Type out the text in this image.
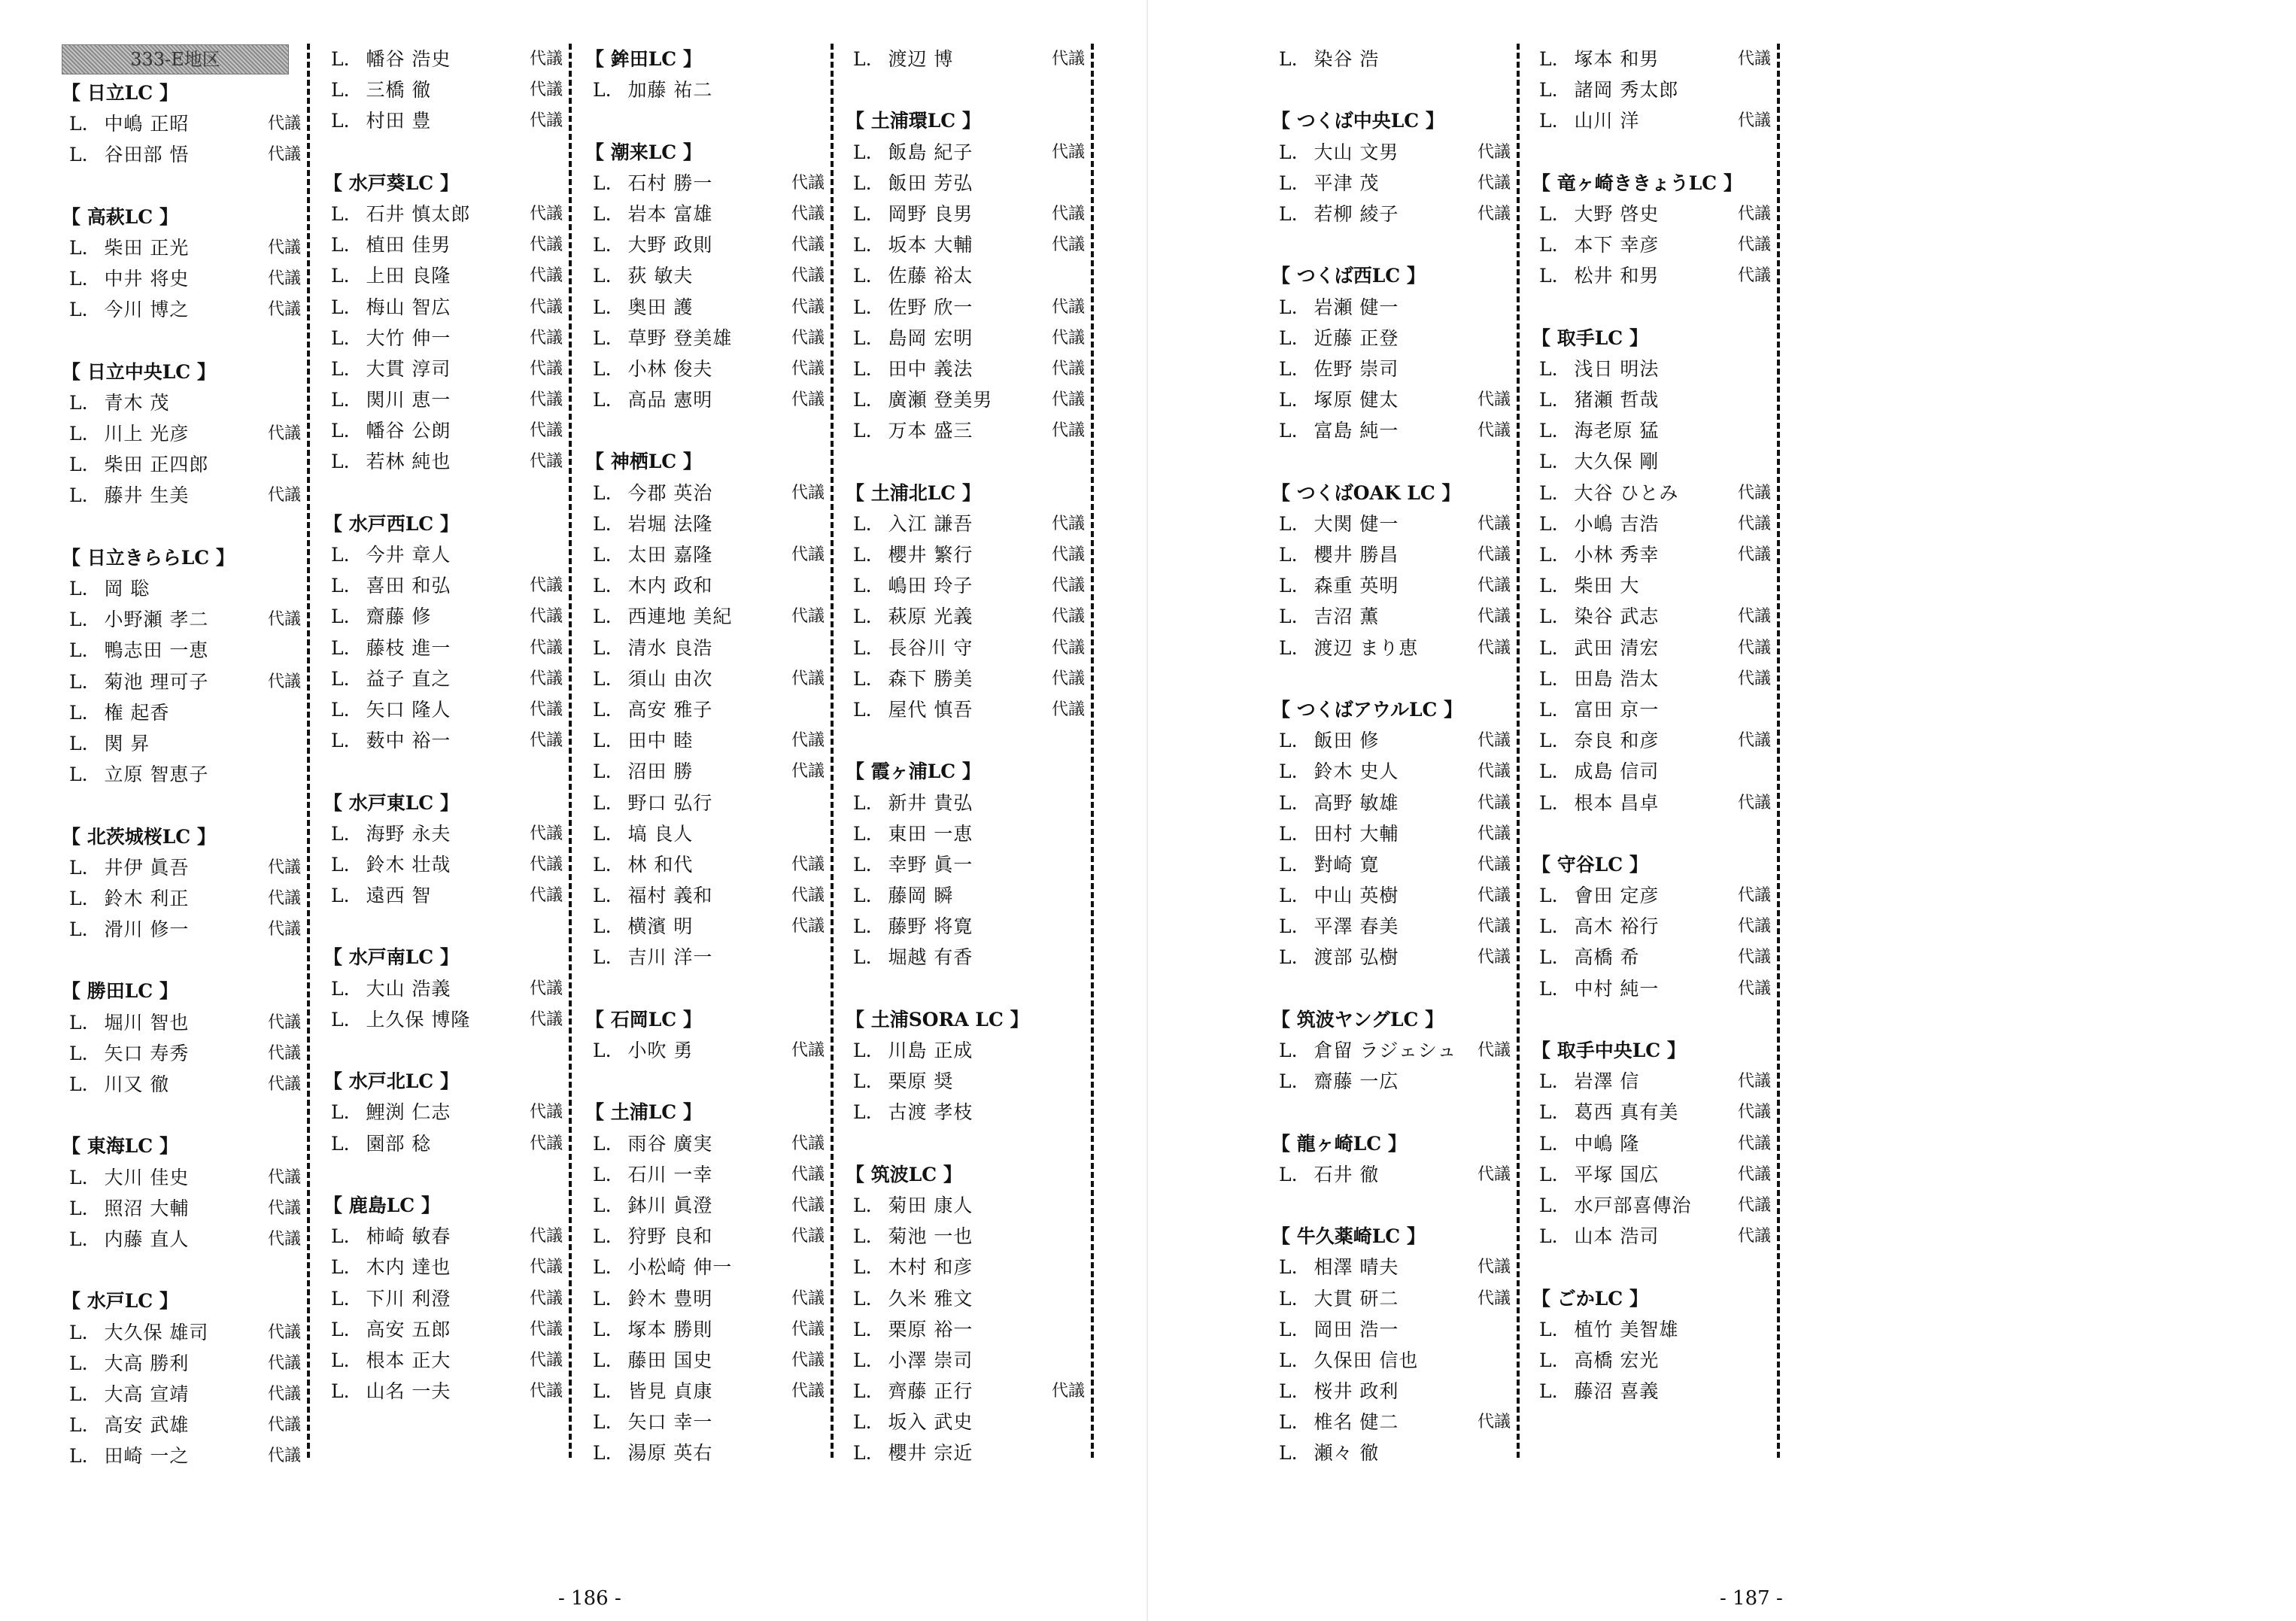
333-E地区
【 日立LC 】
L. 中嶋 正昭	代議
L. 谷田部 悟	代議
【 高萩LC 】
L. 柴田 正光	代議
L. 中井 将史	代議
L. 今川 博之	代議
【 日立中央LC 】
L. 青木 茂
L. 川上 光彦	代議
L. 柴田 正四郎
L. 藤井 生美	代議
【 日立きららLC 】
L. 岡 聡
L. 小野瀬 孝二	代議
L. 鴨志田 一恵
L. 菊池 理可子	代議
L. 権 起香
L. 関 昇
L. 立原 智恵子
【 北茨城桜LC 】
L. 井伊 眞吾	代議
L. 鈴木 利正	代議
L. 滑川 修一	代議
【 勝田LC 】
L. 堀川 智也	代議
L. 矢口 寿秀	代議
L. 川又 徹	代議
【 東海LC 】
L. 大川 佳史	代議
L. 照沼 大輔	代議
L. 内藤 直人	代議
【 水戸LC 】
L. 大久保 雄司	代議
L. 大高 勝利	代議
L. 大高 宣靖	代議
L. 高安 武雄	代議
L. 田崎 一之	代議
L. 幡谷 浩史	代議
L. 三橋 徹	代議
L. 村田 豊	代議
【 水戸葵LC 】
L. 石井 慎太郎	代議
L. 植田 佳男	代議
L. 上田 良隆	代議
L. 梅山 智広	代議
L. 大竹 伸一	代議
L. 大貫 淳司	代議
L. 関川 恵一	代議
L. 幡谷 公朗	代議
L. 若林 純也	代議
【 水戸西LC 】
L. 今井 章人
L. 喜田 和弘	代議
L. 齋藤 修	代議
L. 藤枝 進一	代議
L. 益子 直之	代議
L. 矢口 隆人	代議
L. 薮中 裕一	代議
【 水戸東LC 】
L. 海野 永夫	代議
L. 鈴木 壮哉	代議
L. 遠西 智	代議
【 水戸南LC 】
L. 大山 浩義	代議
L. 上久保 博隆	代議
【 水戸北LC 】
L. 鯉渕 仁志	代議
L. 園部 稔	代議
【 鹿島LC 】
L. 柿崎 敏春	代議
L. 木内 達也	代議
L. 下川 利澄	代議
L. 高安 五郎	代議
L. 根本 正大	代議
L. 山名 一夫	代議
【 鉾田LC 】
L. 加藤 祐二
【 潮来LC 】
L. 石村 勝一	代議
L. 岩本 富雄	代議
L. 大野 政則	代議
L. 荻 敏夫	代議
L. 奥田 護	代議
L. 草野 登美雄	代議
L. 小林 俊夫	代議
L. 高品 憲明	代議
【 神栖LC 】
L. 今郡 英治	代議
L. 岩堀 法隆
L. 太田 嘉隆	代議
L. 木内 政和
L. 西連地 美紀	代議
L. 清水 良浩
L. 須山 由次	代議
L. 高安 雅子
L. 田中 睦	代議
L. 沼田 勝	代議
L. 野口 弘行
L. 塙 良人
L. 林 和代	代議
L. 福村 義和	代議
L. 横濱 明	代議
L. 吉川 洋一
【 石岡LC 】
L. 小吹 勇	代議
【 土浦LC 】
L. 雨谷 廣実	代議
L. 石川 一幸	代議
L. 鉢川 眞澄	代議
L. 狩野 良和	代議
L. 小松崎 伸一
L. 鈴木 豊明	代議
L. 塚本 勝則	代議
L. 藤田 国史	代議
L. 皆見 貞康	代議
L. 矢口 幸一
L. 湯原 英右
L. 渡辺 博	代議
【 土浦環LC 】
L. 飯島 紀子	代議
L. 飯田 芳弘
L. 岡野 良男	代議
L. 坂本 大輔	代議
L. 佐藤 裕太
L. 佐野 欣一	代議
L. 島岡 宏明	代議
L. 田中 義法	代議
L. 廣瀬 登美男	代議
L. 万本 盛三	代議
【 土浦北LC 】
L. 入江 謙吾	代議
L. 櫻井 繁行	代議
L. 嶋田 玲子	代議
L. 萩原 光義	代議
L. 長谷川 守	代議
L. 森下 勝美	代議
L. 屋代 慎吾	代議
【 霞ヶ浦LC 】
L. 新井 貴弘
L. 東田 一恵
L. 幸野 眞一
L. 藤岡 瞬
L. 藤野 将寛
L. 堀越 有香
【 土浦SORA LC 】
L. 川島 正成
L. 栗原 奨
L. 古渡 孝枝
【 筑波LC 】
L. 菊田 康人
L. 菊池 一也
L. 木村 和彦
L. 久米 雅文
L. 栗原 裕一
L. 小澤 崇司
L. 齊藤 正行	代議
L. 坂入 武史
L. 櫻井 宗近
- 186 -
L. 染谷 浩
【 つくば中央LC 】
L. 大山 文男	代議
L. 平津 茂	代議
L. 若柳 綾子	代議
【 つくば西LC 】
L. 岩瀬 健一
L. 近藤 正登
L. 佐野 崇司
L. 塚原 健太	代議
L. 富島 純一	代議
【 つくばOAK LC 】
L. 大関 健一	代議
L. 櫻井 勝昌	代議
L. 森重 英明	代議
L. 吉沼 薫	代議
L. 渡辺 まり恵	代議
【 つくばアウルLC 】
L. 飯田 修	代議
L. 鈴木 史人	代議
L. 高野 敏雄	代議
L. 田村 大輔	代議
L. 對崎 寛	代議
L. 中山 英樹	代議
L. 平澤 春美	代議
L. 渡部 弘樹	代議
【 筑波ヤングLC 】
L. 倉留 ラジェシュ	代議
L. 齋藤 一広
【 龍ヶ崎LC 】
L. 石井 徹	代議
【 牛久薬崎LC 】
L. 相澤 晴夫	代議
L. 大貫 研二	代議
L. 岡田 浩一
L. 久保田 信也
L. 桜井 政利
L. 椎名 健二	代議
L. 瀬々 徹
L. 塚本 和男	代議
L. 諸岡 秀太郎
L. 山川 洋	代議
【 竜ヶ崎ききょうLC 】
L. 大野 啓史	代議
L. 本下 幸彦	代議
L. 松井 和男	代議
【 取手LC 】
L. 浅日 明法
L. 猪瀬 哲哉
L. 海老原 猛
L. 大久保 剛
L. 大谷 ひとみ	代議
L. 小嶋 吉浩	代議
L. 小林 秀幸	代議
L. 柴田 大
L. 染谷 武志	代議
L. 武田 清宏	代議
L. 田島 浩太	代議
L. 富田 京一
L. 奈良 和彦	代議
L. 成島 信司
L. 根本 昌卓	代議
【 守谷LC 】
L. 會田 定彦	代議
L. 高木 裕行	代議
L. 高橋 希	代議
L. 中村 純一	代議
【 取手中央LC 】
L. 岩澤 信	代議
L. 葛西 真有美	代議
L. 中嶋 隆	代議
L. 平塚 国広	代議
L. 水戸部喜傳治	代議
L. 山本 浩司	代議
【 ごかLC 】
L. 植竹 美智雄
L. 高橋 宏光
L. 藤沼 喜義
- 187 -
